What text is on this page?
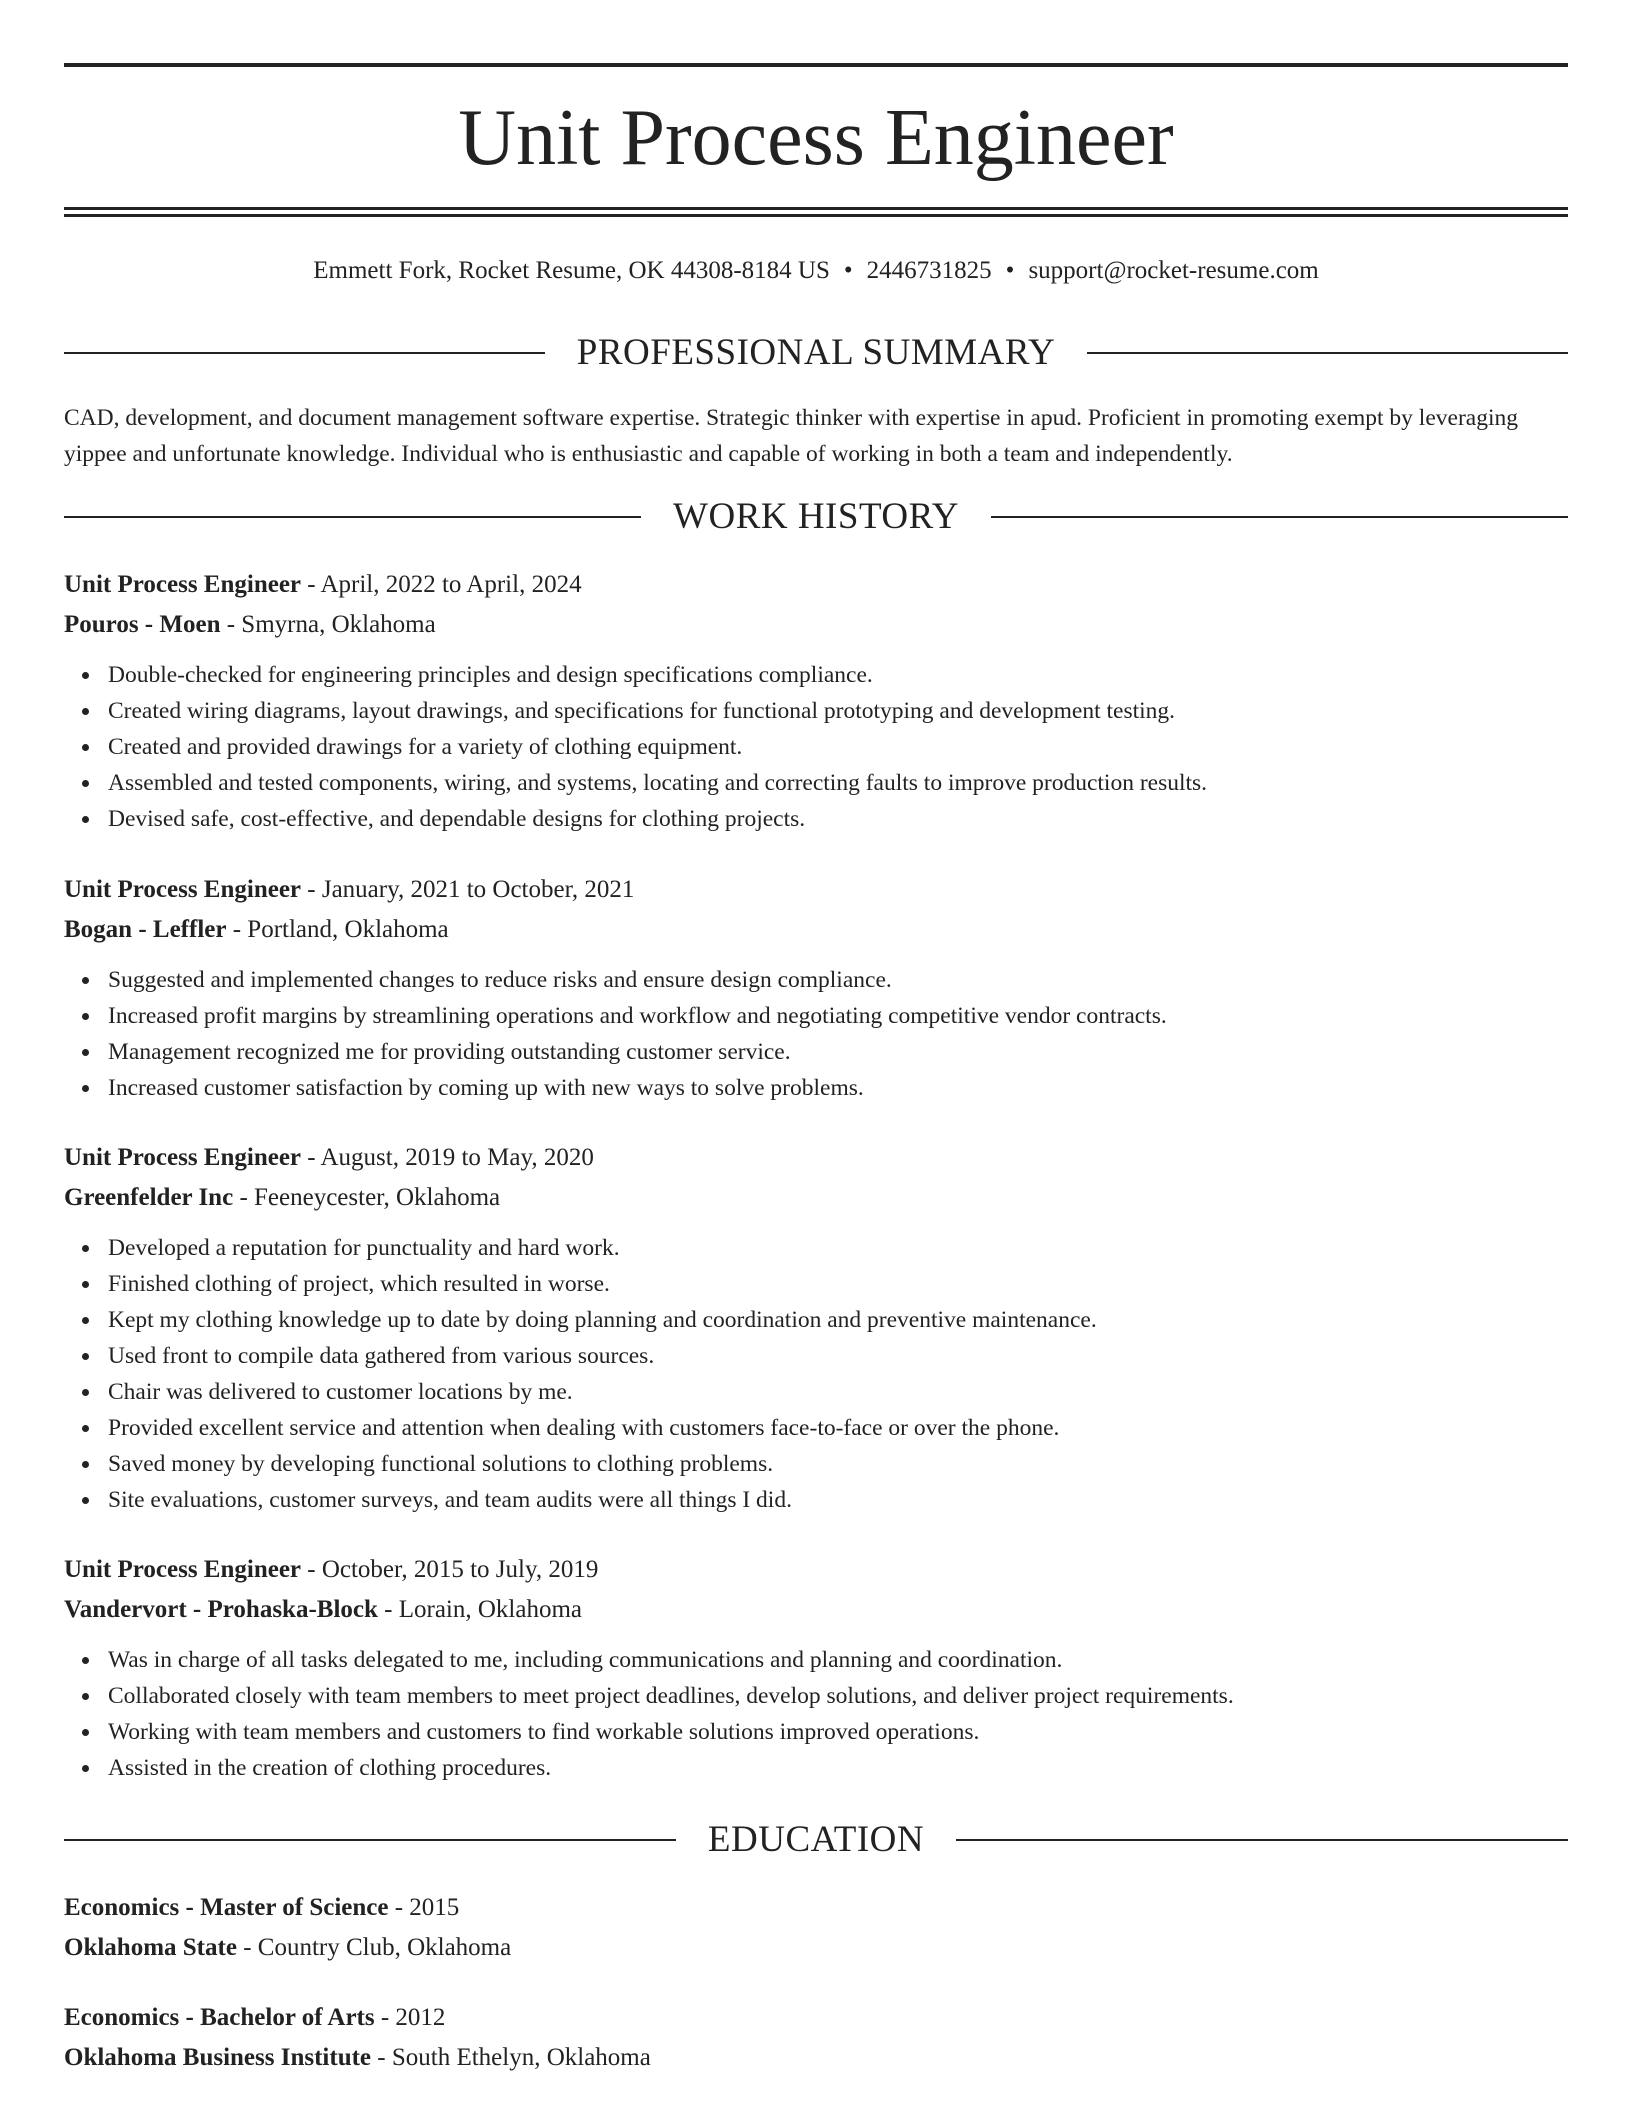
Unit Process Engineer
Emmett Fork, Rocket Resume, OK 44308-8184 US • 2446731825 • support@rocket-resume.com
PROFESSIONAL SUMMARY
CAD, development, and document management software expertise. Strategic thinker with expertise in apud. Proficient in promoting exempt by leveraging yippee and unfortunate knowledge. Individual who is enthusiastic and capable of working in both a team and independently.
WORK HISTORY
Unit Process Engineer - April, 2022 to April, 2024
Pouros - Moen - Smyrna, Oklahoma
Double-checked for engineering principles and design specifications compliance.
Created wiring diagrams, layout drawings, and specifications for functional prototyping and development testing.
Created and provided drawings for a variety of clothing equipment.
Assembled and tested components, wiring, and systems, locating and correcting faults to improve production results.
Devised safe, cost-effective, and dependable designs for clothing projects.
Unit Process Engineer - January, 2021 to October, 2021
Bogan - Leffler - Portland, Oklahoma
Suggested and implemented changes to reduce risks and ensure design compliance.
Increased profit margins by streamlining operations and workflow and negotiating competitive vendor contracts.
Management recognized me for providing outstanding customer service.
Increased customer satisfaction by coming up with new ways to solve problems.
Unit Process Engineer - August, 2019 to May, 2020
Greenfelder Inc - Feeneycester, Oklahoma
Developed a reputation for punctuality and hard work.
Finished clothing of project, which resulted in worse.
Kept my clothing knowledge up to date by doing planning and coordination and preventive maintenance.
Used front to compile data gathered from various sources.
Chair was delivered to customer locations by me.
Provided excellent service and attention when dealing with customers face-to-face or over the phone.
Saved money by developing functional solutions to clothing problems.
Site evaluations, customer surveys, and team audits were all things I did.
Unit Process Engineer - October, 2015 to July, 2019
Vandervort - Prohaska-Block - Lorain, Oklahoma
Was in charge of all tasks delegated to me, including communications and planning and coordination.
Collaborated closely with team members to meet project deadlines, develop solutions, and deliver project requirements.
Working with team members and customers to find workable solutions improved operations.
Assisted in the creation of clothing procedures.
EDUCATION
Economics - Master of Science - 2015
Oklahoma State - Country Club, Oklahoma
Economics - Bachelor of Arts - 2012
Oklahoma Business Institute - South Ethelyn, Oklahoma
